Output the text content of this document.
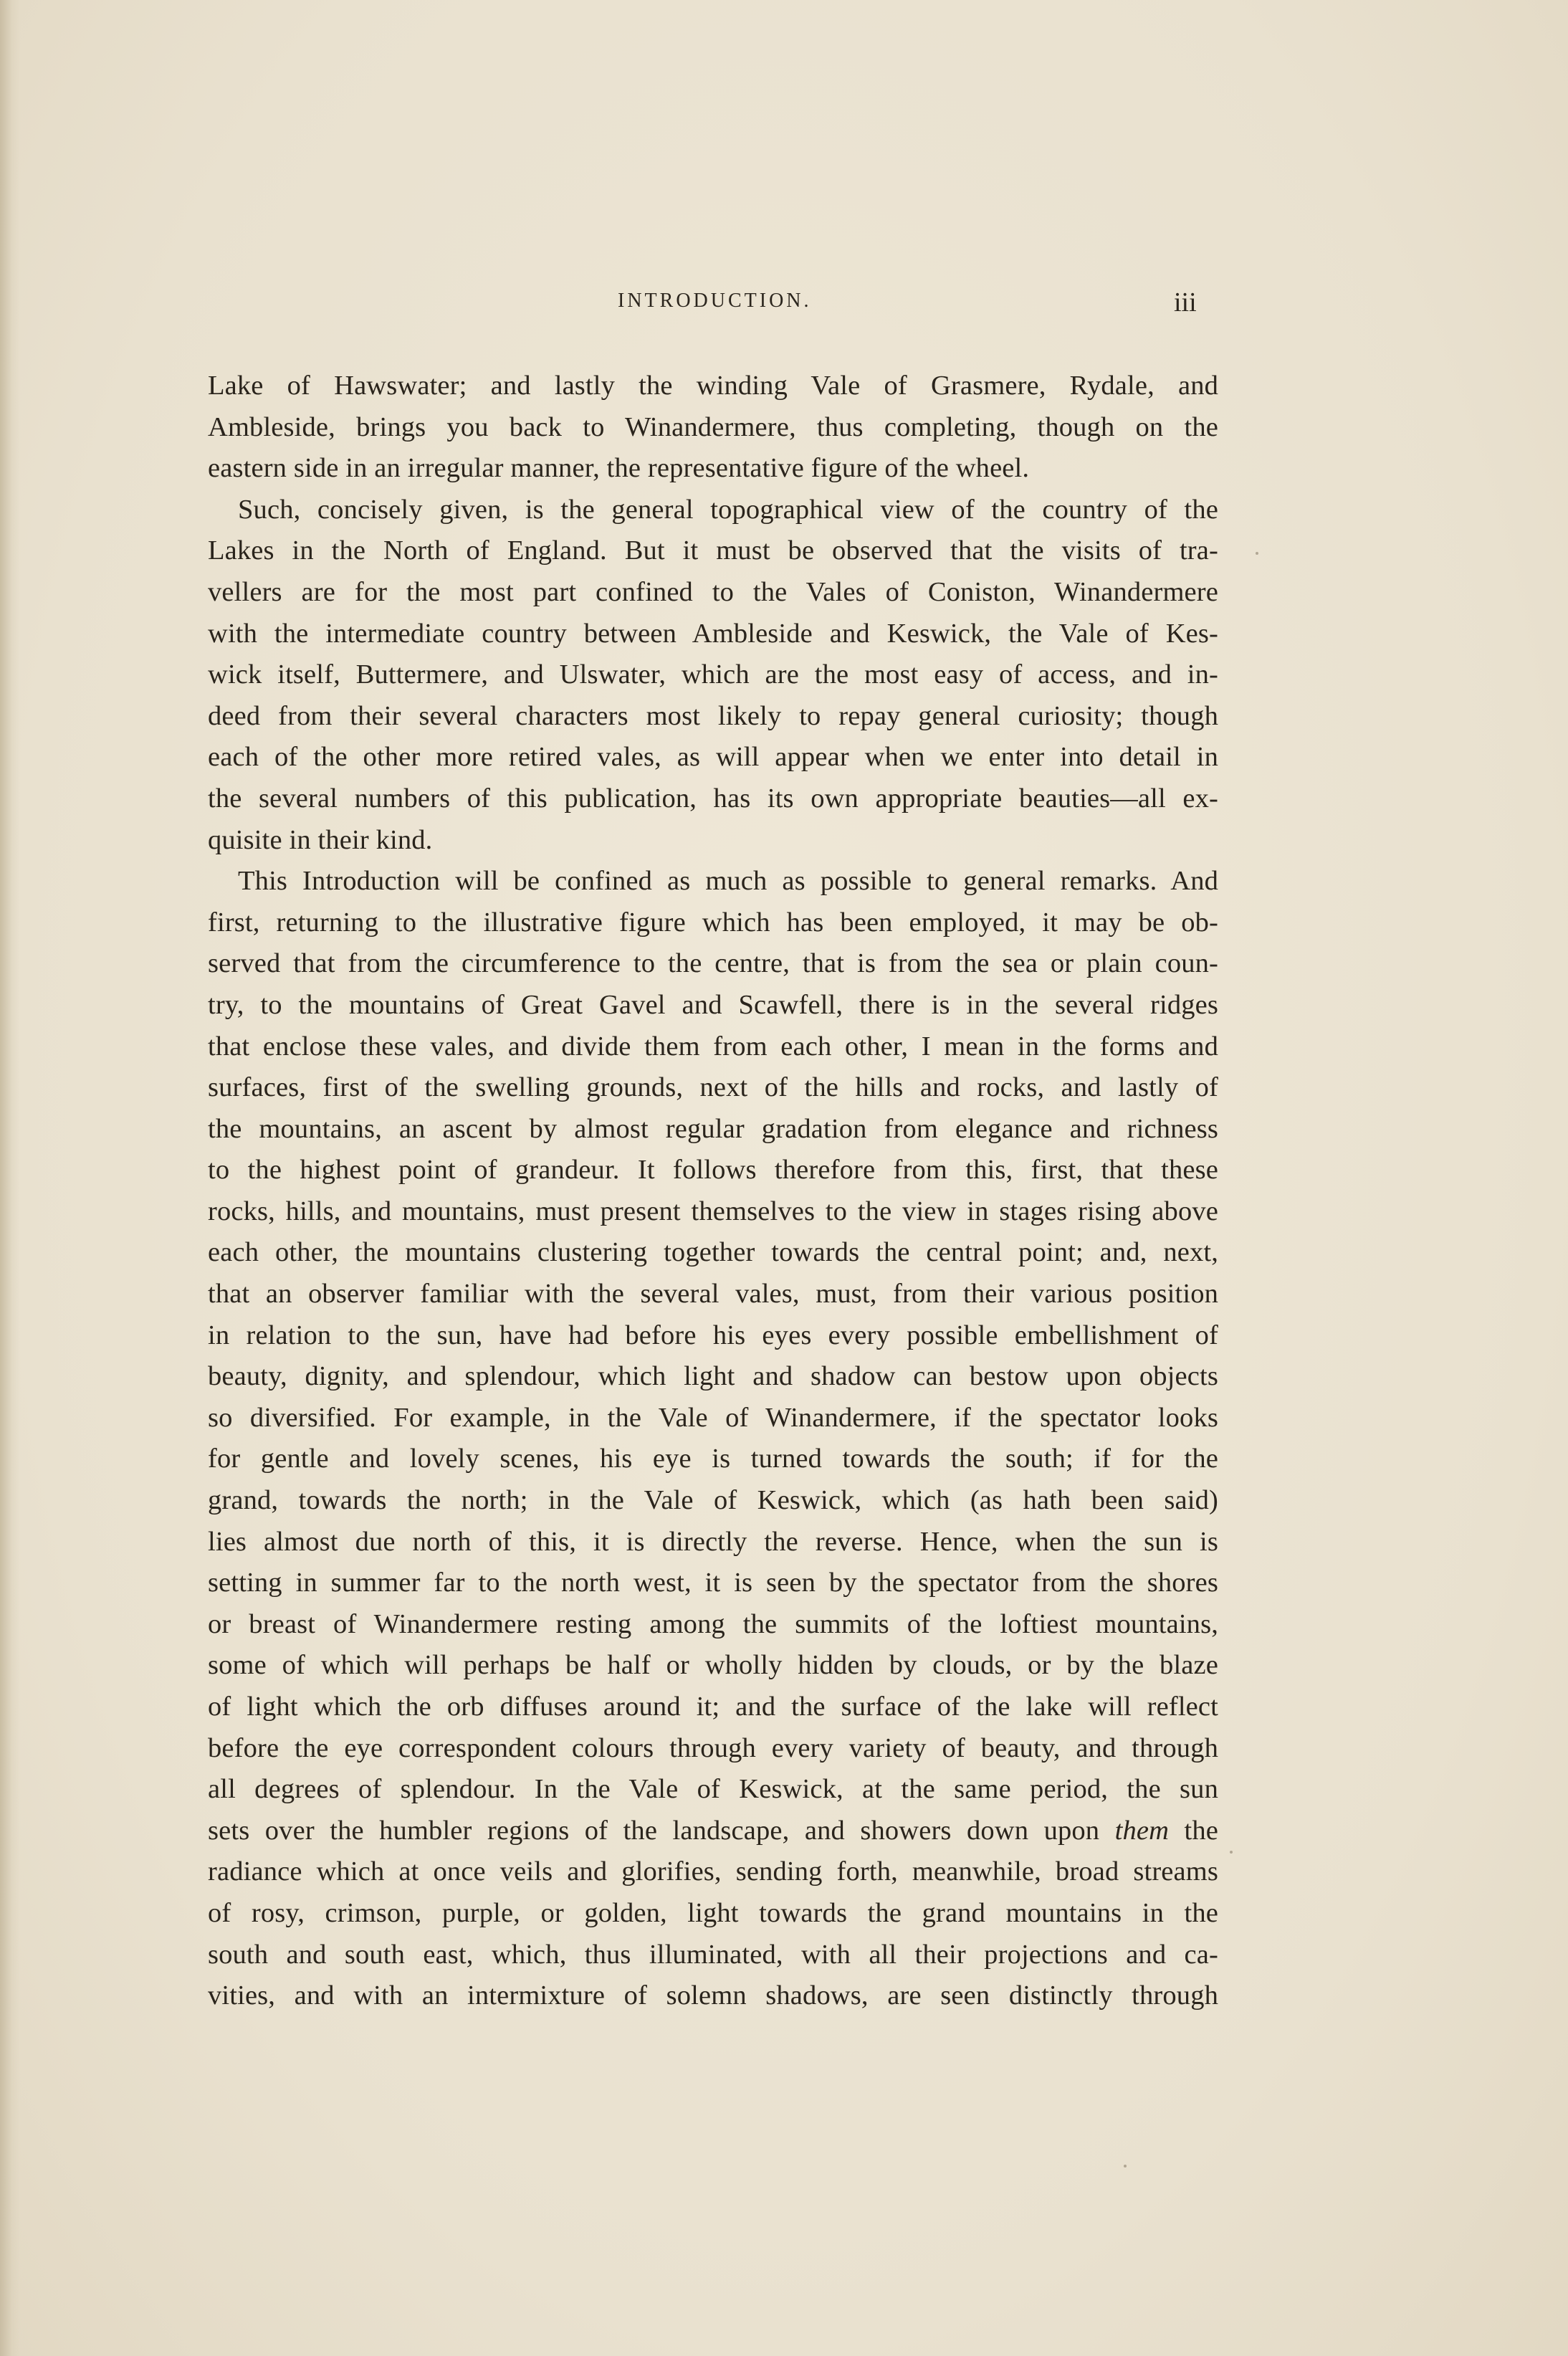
INTRODUCTION.	iii
Lake of Hawswater; and lastly the winding Vale of Grasmere, Rydale, and
Ambleside, brings you back to Winandermere, thus completing, though on the
eastern side in an irregular manner, the representative figure of the wheel.
Such, concisely given, is the general topographical view of the country of the
Lakes in the North of England. But it must be observed that the visits of tra-
vellers are for the most part confined to the Vales of Coniston, Winandermere
with the intermediate country between Ambleside and Keswick, the Vale of Kes-
wick itself, Buttermere, and Ulswater, which are the most easy of access, and in-
deed from their several characters most likely to repay general curiosity; though
each of the other more retired vales, as will appear when we enter into detail in
the several numbers of this publication, has its own appropriate beauties—all ex-
quisite in their kind.
This Introduction will be confined as much as possible to general remarks. And
first, returning to the illustrative figure which has been employed, it may be ob-
served that from the circumference to the centre, that is from the sea or plain coun-
try, to the mountains of Great Gavel and Scawfell, there is in the several ridges
that enclose these vales, and divide them from each other, I mean in the forms and
surfaces, first of the swelling grounds, next of the hills and rocks, and lastly of
the mountains, an ascent by almost regular gradation from elegance and richness
to the highest point of grandeur. It follows therefore from this, first, that these
rocks, hills, and mountains, must present themselves to the view in stages rising above
each other, the mountains clustering together towards the central point; and, next,
that an observer familiar with the several vales, must, from their various position
in relation to the sun, have had before his eyes every possible embellishment of
beauty, dignity, and splendour, which light and shadow can bestow upon objects
so diversified. For example, in the Vale of Winandermere, if the spectator looks
for gentle and lovely scenes, his eye is turned towards the south; if for the
grand, towards the north; in the Vale of Keswick, which (as hath been said)
lies almost due north of this, it is directly the reverse. Hence, when the sun is
setting in summer far to the north west, it is seen by the spectator from the shores
or breast of Winandermere resting among the summits of the loftiest mountains,
some of which will perhaps be half or wholly hidden by clouds, or by the blaze
of light which the orb diffuses around it; and the surface of the lake will reflect
before the eye correspondent colours through every variety of beauty, and through
all degrees of splendour. In the Vale of Keswick, at the same period, the sun
sets over the humbler regions of the landscape, and showers down upon them the
radiance which at once veils and glorifies, sending forth, meanwhile, broad streams
of rosy, crimson, purple, or golden, light towards the grand mountains in the
south and south east, which, thus illuminated, with all their projections and ca-
vities, and with an intermixture of solemn shadows, are seen distinctly through
